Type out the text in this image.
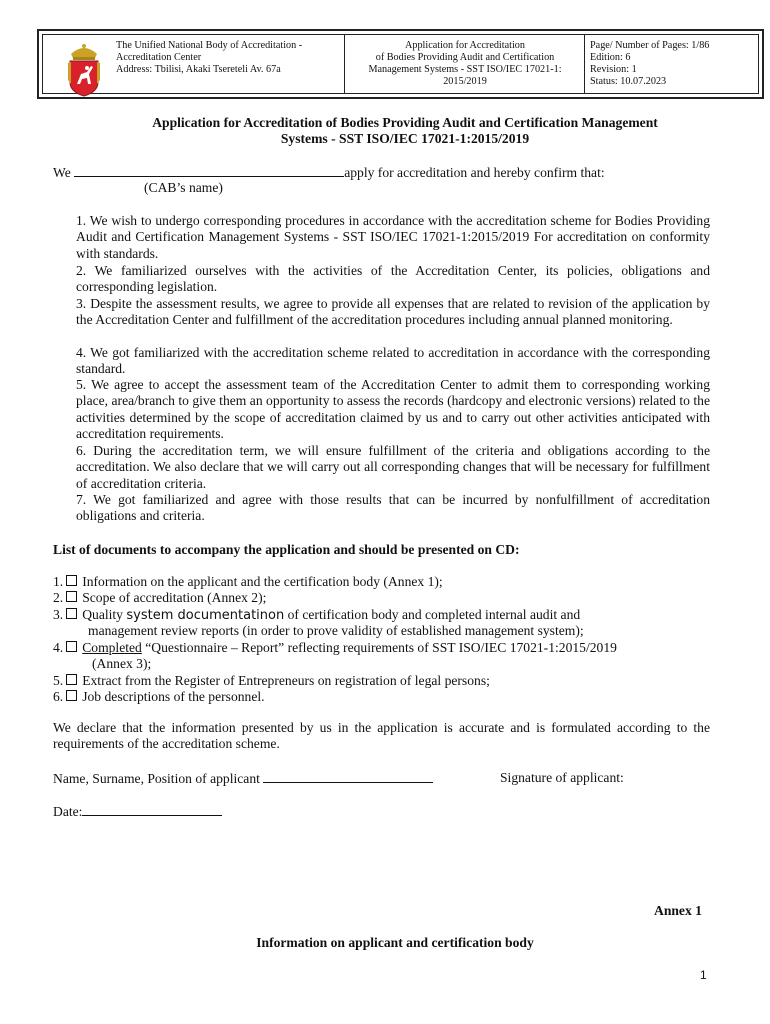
The Unified National Body of Accreditation -
Accreditation Center
Address: Tbilisi, Akaki Tsereteli Av. 67a
Application for Accreditation
of Bodies Providing Audit and Certification
Management Systems - SST ISO/IEC 17021-1:
2015/2019
Page/ Number of Pages: 1/86
Edition: 6
Revision: 1
Status: 10.07.2023
Application for Accreditation of Bodies Providing Audit and Certification Management
Systems - SST ISO/IEC 17021-1:2015/2019
We	apply for accreditation and hereby confirm that:
(CAB’s name)
1. We wish to undergo corresponding procedures in accordance with the accreditation scheme for Bodies Providing Audit and Certification Management Systems - SST ISO/IEC 17021-1:2015/2019 For accreditation on conformity with standards.
2. We familiarized ourselves with the activities of the Accreditation Center, its policies, obligations and corresponding legislation.
3. Despite the assessment results, we agree to provide all expenses that are related to revision of the application by the Accreditation Center and fulfillment of the accreditation procedures including annual planned monitoring.
4. We got familiarized with the accreditation scheme related to accreditation in accordance with the corresponding standard.
5. We agree to accept the assessment team of the Accreditation Center to admit them to corresponding working place, area/branch to give them an opportunity to assess the records (hardcopy and electronic versions) related to the activities determined by the scope of accreditation claimed by us and to carry out other activities anticipated with accreditation requirements.
6. During the accreditation term, we will ensure fulfillment of the criteria and obligations according to the accreditation. We also declare that we will carry out all corresponding changes that will be necessary for fulfillment of accreditation criteria.
7. We got familiarized and agree with those results that can be incurred by nonfulfillment of accreditation obligations and criteria.
List of documents to accompany the application and should be presented on CD:
1. Information on the applicant and the certification body (Annex 1);
2. Scope of accreditation (Annex 2);
3. Quality system documentatinon of certification body and completed internal audit and
management review reports (in order to prove validity of established management system);
4. Completed “Questionnaire – Report” reflecting requirements of SST ISO/IEC 17021-1:2015/2019
(Annex 3);
5. Extract from the Register of Entrepreneurs on registration of legal persons;
6. Job descriptions of the personnel.
We declare that the information presented by us in the application is accurate and is formulated according to the requirements of the accreditation scheme.
Name, Surname, Position of applicant	Signature of applicant:
Date:
Annex 1
Information on applicant and certification body
1
